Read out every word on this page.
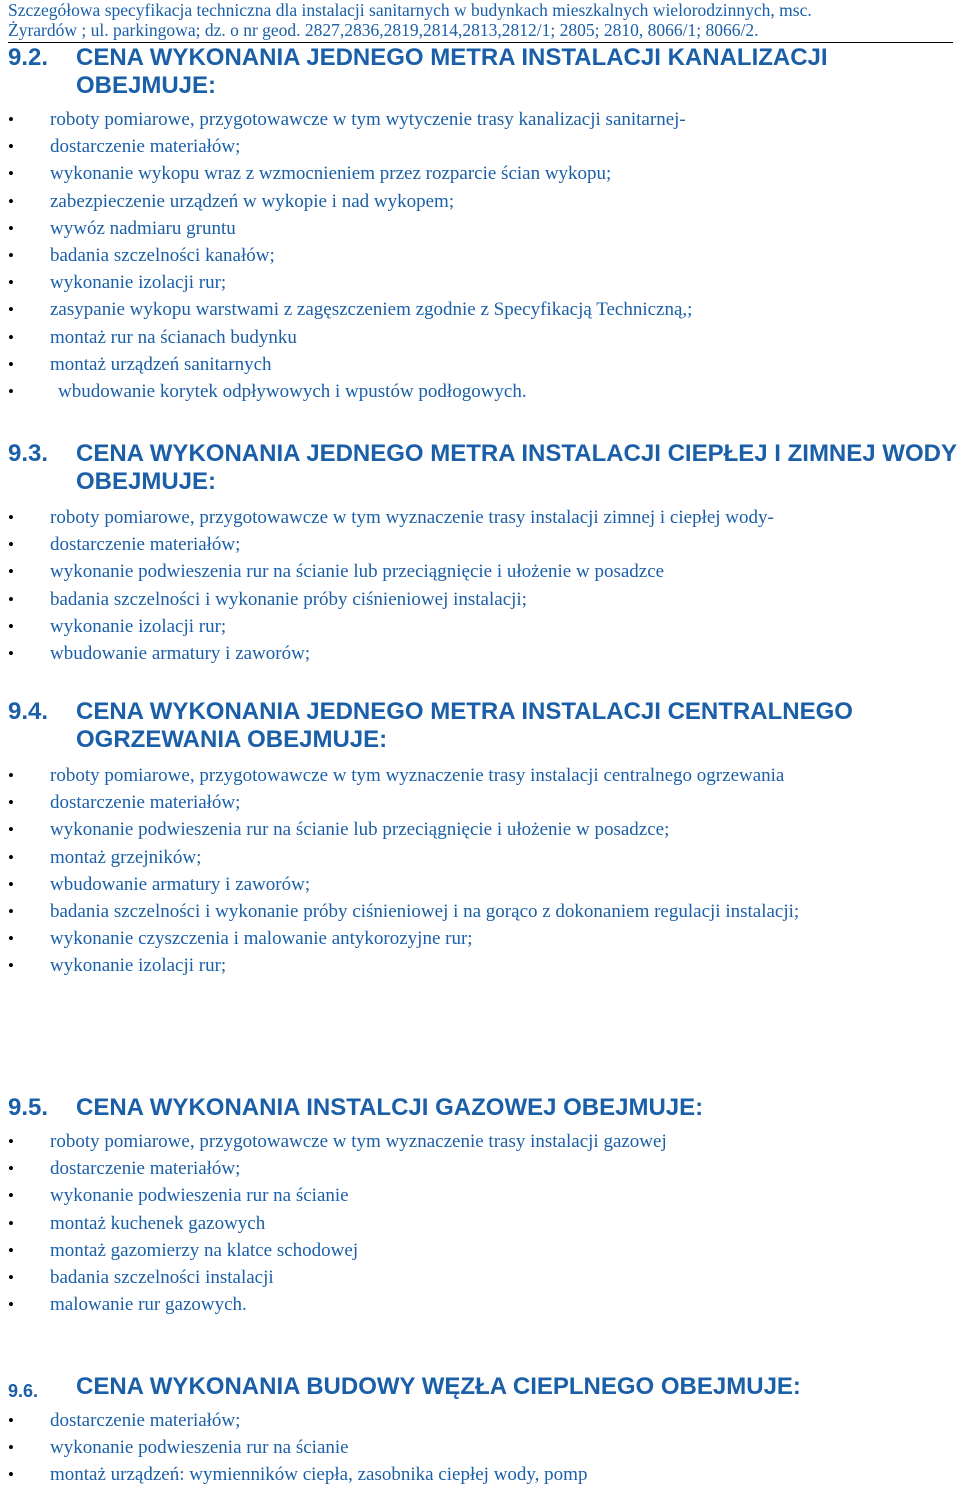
Szczegółowa specyfikacja techniczna dla instalacji sanitarnych w budynkach mieszkalnych wielorodzinnych, msc.
Żyrardów ; ul. parkingowa; dz. o nr geod. 2827,2836,2819,2814,2813,2812/1; 2805; 2810, 8066/1; 8066/2.
9.2. CENA WYKONANIA JEDNEGO METRA INSTALACJI KANALIZACJI OBEJMUJE:
• roboty pomiarowe, przygotowawcze w tym wytyczenie trasy kanalizacji sanitarnej-
• dostarczenie materiałów;
• wykonanie wykopu wraz z wzmocnieniem przez rozparcie ścian wykopu;
• zabezpieczenie urządzeń w wykopie i nad wykopem;
• wywóz nadmiaru gruntu
• badania szczelności kanałów;
• wykonanie izolacji rur;
• zasypanie wykopu warstwami z zagęszczeniem zgodnie z Specyfikacją Techniczną,;
• montaż rur na ścianach budynku
• montaż urządzeń sanitarnych
• wbudowanie korytek odpływowych i wpustów podłogowych.
9.3. CENA WYKONANIA JEDNEGO METRA INSTALACJI CIEPŁEJ I ZIMNEJ WODY OBEJMUJE:
• roboty pomiarowe, przygotowawcze w tym wyznaczenie trasy instalacji zimnej i ciepłej wody-
• dostarczenie materiałów;
• wykonanie podwieszenia rur na ścianie lub przeciągnięcie i ułożenie w posadzce
• badania szczelności i wykonanie próby ciśnieniowej instalacji;
• wykonanie izolacji rur;
• wbudowanie armatury i zaworów;
9.4. CENA WYKONANIA JEDNEGO METRA INSTALACJI CENTRALNEGO OGRZEWANIA OBEJMUJE:
• roboty pomiarowe, przygotowawcze w tym wyznaczenie trasy instalacji centralnego ogrzewania
• dostarczenie materiałów;
• wykonanie podwieszenia rur na ścianie lub przeciągnięcie i ułożenie w posadzce;
• montaż grzejników;
• wbudowanie armatury i zaworów;
• badania szczelności i wykonanie próby ciśnieniowej i na gorąco z dokonaniem regulacji instalacji;
• wykonanie czyszczenia i malowanie antykorozyjne rur;
• wykonanie izolacji rur;
9.5. CENA WYKONANIA INSTALCJI GAZOWEJ OBEJMUJE:
• roboty pomiarowe, przygotowawcze w tym wyznaczenie trasy instalacji gazowej
• dostarczenie materiałów;
• wykonanie podwieszenia rur na ścianie
• montaż kuchenek gazowych
• montaż gazomierzy na klatce schodowej
• badania szczelności instalacji
• malowanie rur gazowych.
9.6. CENA WYKONANIA BUDOWY WĘZŁA CIEPLNEGO OBEJMUJE:
• dostarczenie materiałów;
• wykonanie podwieszenia rur na ścianie
• montaż urządzeń: wymienników ciepła, zasobnika ciepłej wody, pomp
